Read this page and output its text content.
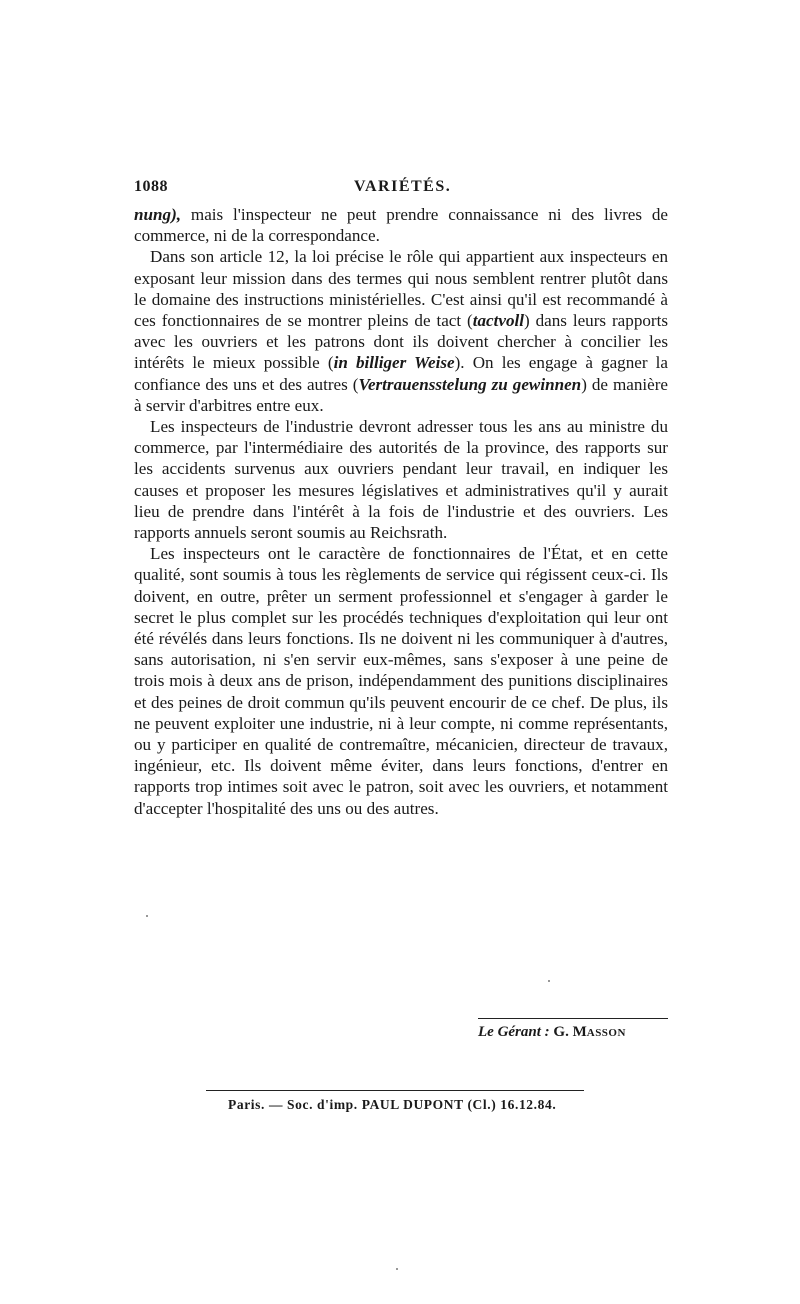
1088	VARIÉTÉS.

nung), mais l'inspecteur ne peut prendre connaissance ni des livres de commerce, ni de la correspondance.

Dans son article 12, la loi précise le rôle qui appartient aux inspecteurs en exposant leur mission dans des termes qui nous semblent rentrer plutôt dans le domaine des instructions ministérielles. C'est ainsi qu'il est recommandé à ces fonctionnaires de se montrer pleins de tact (tactvoll) dans leurs rapports avec les ouvriers et les patrons dont ils doivent chercher à concilier les intérêts le mieux possible (in billiger Weise). On les engage à gagner la confiance des uns et des autres (Vertrauensstelung zu gewinnen) de manière à servir d'arbitres entre eux.

Les inspecteurs de l'industrie devront adresser tous les ans au ministre du commerce, par l'intermédiaire des autorités de la province, des rapports sur les accidents survenus aux ouvriers pendant leur travail, en indiquer les causes et proposer les mesures législatives et administratives qu'il y aurait lieu de prendre dans l'intérêt à la fois de l'industrie et des ouvriers. Les rapports annuels seront soumis au Reichsrath.

Les inspecteurs ont le caractère de fonctionnaires de l'État, et en cette qualité, sont soumis à tous les règlements de service qui régissent ceux-ci. Ils doivent, en outre, prêter un serment professionnel et s'engager à garder le secret le plus complet sur les procédés techniques d'exploitation qui leur ont été révélés dans leurs fonctions. Ils ne doivent ni les communiquer à d'autres, sans autorisation, ni s'en servir eux-mêmes, sans s'exposer à une peine de trois mois à deux ans de prison, indépendamment des punitions disciplinaires et des peines de droit commun qu'ils peuvent encourir de ce chef. De plus, ils ne peuvent exploiter une industrie, ni à leur compte, ni comme représentants, ou y participer en qualité de contremaître, mécanicien, directeur de travaux, ingénieur, etc. Ils doivent même éviter, dans leurs fonctions, d'entrer en rapports trop intimes soit avec le patron, soit avec les ouvriers, et notamment d'accepter l'hospitalité des uns ou des autres.

Le Gérant : G. MASSON
Paris. — Soc. d'imp. PAUL DUPONT (Cl.) 16.12.84.
